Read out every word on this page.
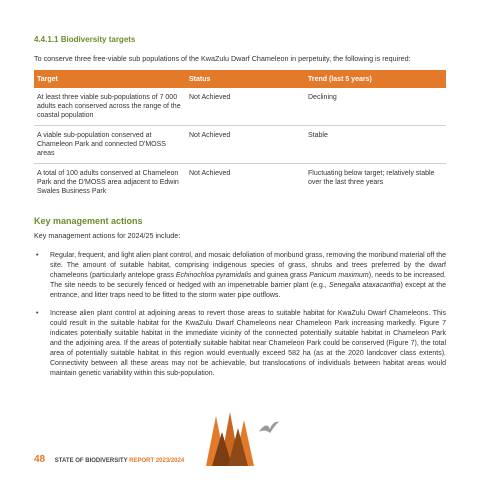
4.4.1.1 Biodiversity targets
To conserve three free-viable sub populations of the KwaZulu Dwarf Chameleon in perpetuity, the following is required:
Target	Status	Trend (last 5 years)
At least three viable sub-populations of 7 000 adults each conserved across the range of the coastal population	Not Achieved	Declining
A viable sub-population conserved at Chameleon Park and connected D'MOSS areas	Not Achieved	Stable
A total of 100 adults conserved at Chameleon Park and the D'MOSS area adjacent to Edwin Swales Business Park	Not Achieved	Fluctuating below target; relatively stable over the last three years
Key management actions
Key management actions for 2024/25 include:
• Regular, frequent, and light alien plant control, and mosaic defoliation of moribund grass, removing the moribund material off the site. The amount of suitable habitat, comprising indigenous species of grass, shrubs and trees preferred by the dwarf chameleons (particularly antelope grass Echinochloa pyramidalis and guinea grass Panicum maximum), needs to be increased. The site needs to be securely fenced or hedged with an impenetrable barrier plant (e.g., Senegalia ataxacantha) except at the entrance, and litter traps need to be fitted to the storm water pipe outflows.
• Increase alien plant control at adjoining areas to revert those areas to suitable habitat for KwaZulu Dwarf Chameleons. This could result in the suitable habitat for the KwaZulu Dwarf Chameleons near Chameleon Park increasing markedly. Figure 7 indicates potentially suitable habitat in the immediate vicinity of the connected potentially suitable habitat in Chameleon Park and the adjoining area. If the areas of potentially suitable habitat near Chameleon Park could be conserved (Figure 7), the total area of potentially suitable habitat in this region would eventually exceed 582 ha (as at the 2020 landcover class extents). Connectivity between all these areas may not be achievable, but translocations of individuals between habitat areas would maintain genetic variability within this sub-population.
48 STATE OF BIODIVERSITY REPORT 2023/2024
